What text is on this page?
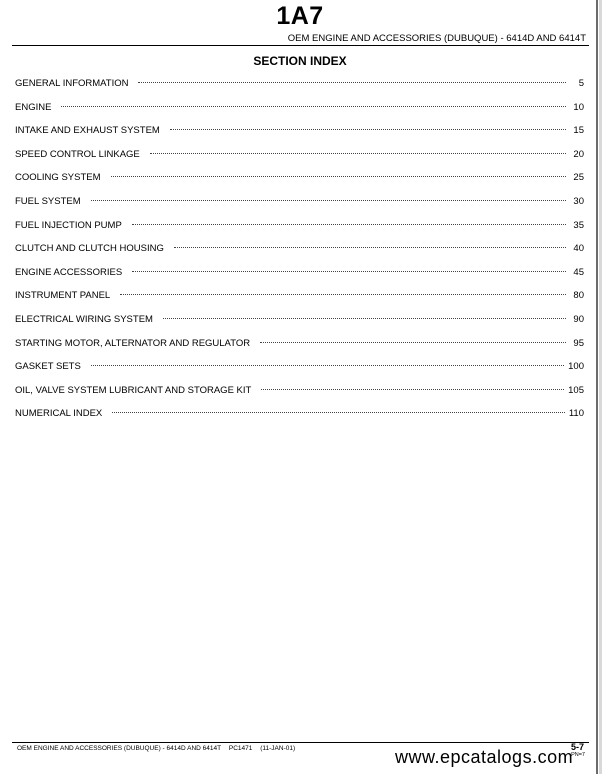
1A7
OEM ENGINE AND ACCESSORIES (DUBUQUE) - 6414D AND 6414T
SECTION INDEX
GENERAL INFORMATION	5
ENGINE	10
INTAKE AND EXHAUST SYSTEM	15
SPEED CONTROL LINKAGE	20
COOLING SYSTEM	25
FUEL SYSTEM	30
FUEL INJECTION PUMP	35
CLUTCH AND CLUTCH HOUSING	40
ENGINE ACCESSORIES	45
INSTRUMENT PANEL	80
ELECTRICAL WIRING SYSTEM	90
STARTING MOTOR, ALTERNATOR AND REGULATOR	95
GASKET SETS	100
OIL, VALVE SYSTEM LUBRICANT AND STORAGE KIT	105
NUMERICAL INDEX	110
OEM ENGINE AND ACCESSORIES (DUBUQUE) - 6414D AND 6414T PC1471 (11-JAN-01)	www.epcatalogs.com
5-7
PN=7
